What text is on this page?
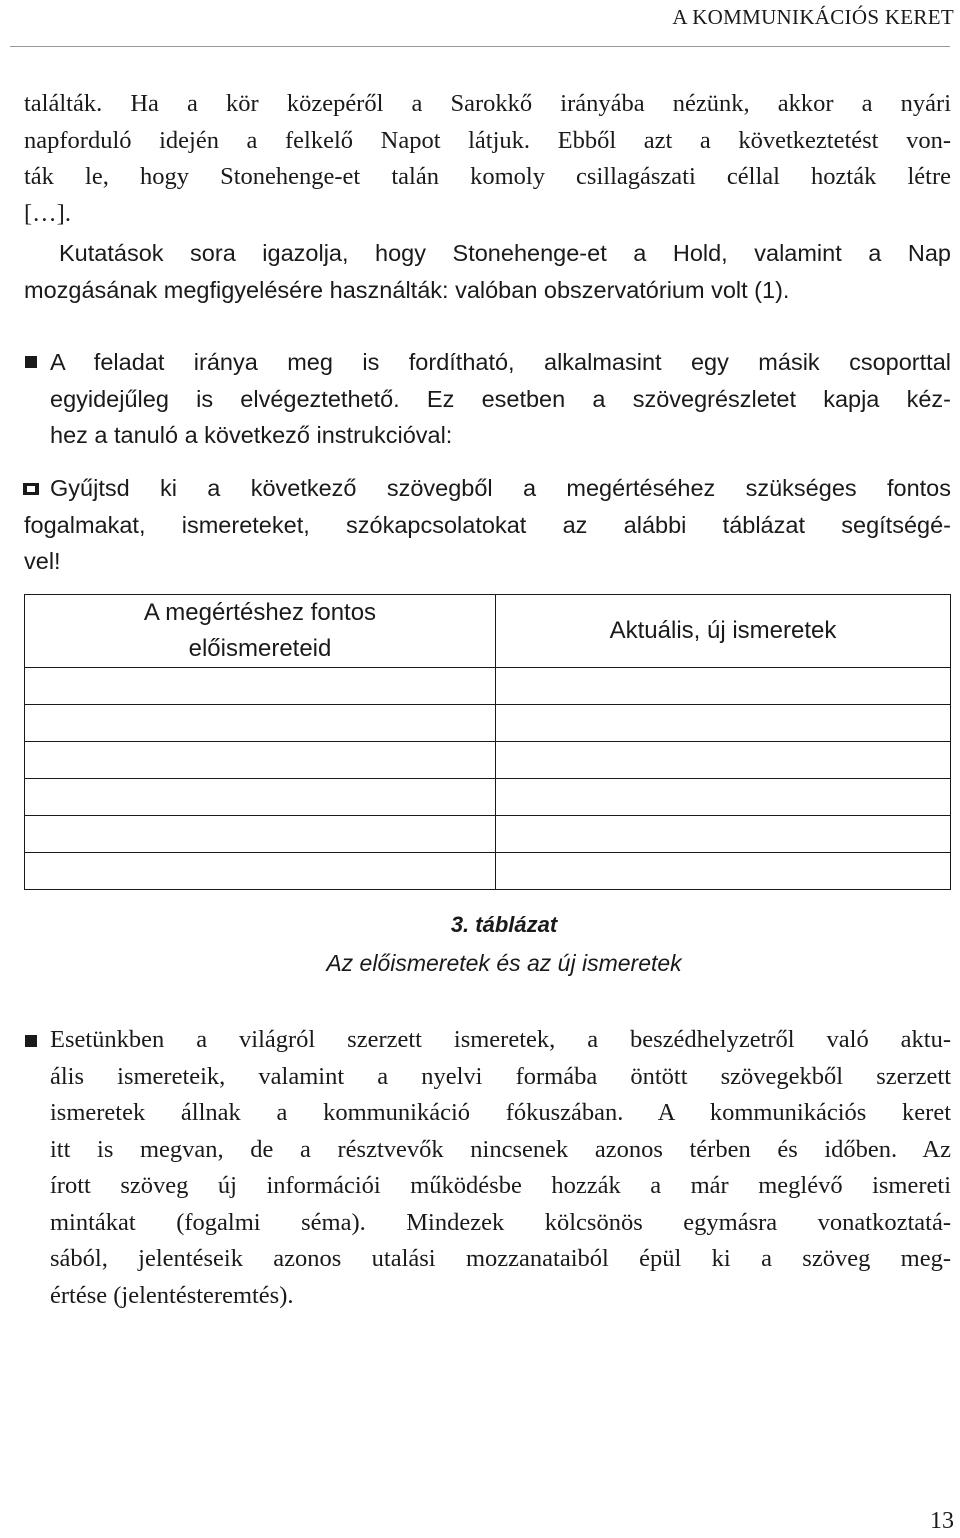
A KOMMUNIKÁCIÓS KERET
találták. Ha a kör közepéről a Sarokkő irányába nézünk, akkor a nyári
napforduló idején a felkelő Napot látjuk. Ebből azt a következtetést von-
ták le, hogy Stonehenge-et talán komoly csillagászati céllal hozták létre
[…].
Kutatások sora igazolja, hogy Stonehenge-et a Hold, valamint a Nap
mozgásának megfigyelésére használták: valóban obszervatórium volt (1).
A feladat iránya meg is fordítható, alkalmasint egy másik csoporttal
egyidejűleg is elvégeztethető. Ez esetben a szövegrészletet kapja kéz-
hez a tanuló a következő instrukcióval:
Gyűjtsd ki a következő szövegből a megértéséhez szükséges fontos
fogalmakat, ismereteket, szókapcsolatokat az alábbi táblázat segítségé-
vel!
A megértéshez fontos
előismereteid	Aktuális, új ismeretek

3. táblázat
Az előismeretek és az új ismeretek
Esetünkben a világról szerzett ismeretek, a beszédhelyzetről való aktu-
ális ismereteik, valamint a nyelvi formába öntött szövegekből szerzett
ismeretek állnak a kommunikáció fókuszában. A kommunikációs keret
itt is megvan, de a résztvevők nincsenek azonos térben és időben. Az
írott szöveg új információi működésbe hozzák a már meglévő ismereti
mintákat (fogalmi séma). Mindezek kölcsönös egymásra vonatkoztatá-
sából, jelentéseik azonos utalási mozzanataiból épül ki a szöveg meg-
értése (jelentésteremtés).
13
